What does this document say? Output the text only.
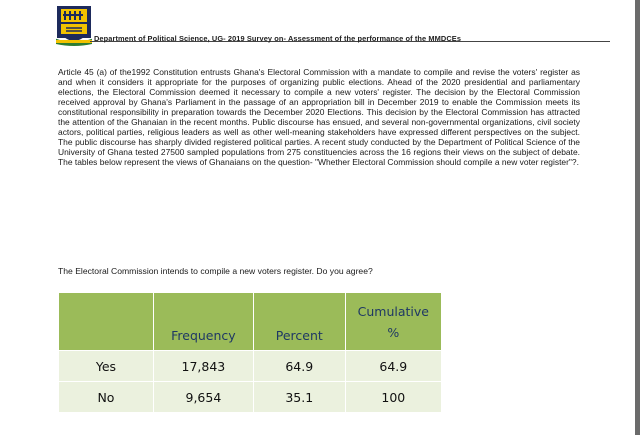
Department of Political Science, UG- 2019 Survey on- Assessment of the performance of the MMDCEs
Article 45 (a) of the1992 Constitution entrusts Ghana's Electoral Commission with a mandate to compile and revise the voters' register as and when it considers it appropriate for the purposes of organizing public elections. Ahead of the 2020 presidential and parliamentary elections, the Electoral Commission deemed it necessary to compile a new voters' register. The decision by the Electoral Commission received approval by Ghana's Parliament in the passage of an appropriation bill in December 2019 to enable the Commission meets its constitutional responsibility in preparation towards the December 2020 Elections. This decision by the Electoral Commission has attracted the attention of the Ghanaian in the recent months. Public discourse has ensued, and several non-governmental organizations, civil society actors, political parties, religious leaders as well as other well-meaning stakeholders have expressed different perspectives on the subject. The public discourse has sharply divided registered political parties. A recent study conducted by the Department of Political Science of the University of Ghana tested 27500 sampled populations from 275 constituencies across the 16 regions their views on the subject of debate. The tables below represent the views of Ghanaians on the question- "Whether Electoral Commission should compile a new voter register"?.
The Electoral Commission intends to compile a new voters register. Do you agree?
	Frequency	Percent	Cumulative
%
Yes	17,843	64.9	64.9
No	9,654	35.1	100
